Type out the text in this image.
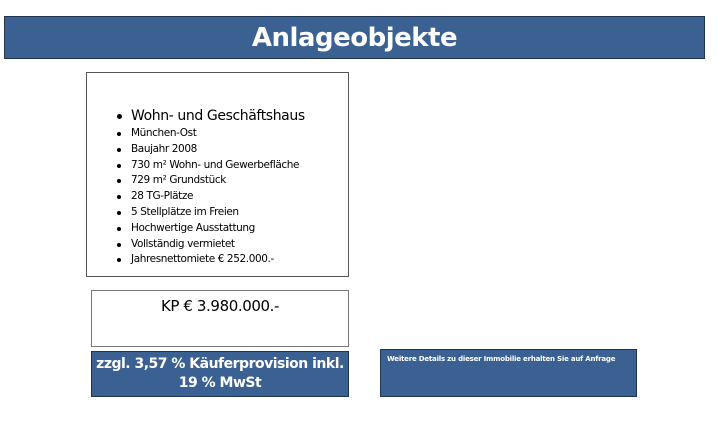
Anlageobjekte
Wohn- und Geschäftshaus
München-Ost
Baujahr 2008
730 m² Wohn- und Gewerbefläche
729 m² Grundstück
28 TG-Plätze
5 Stellplätze im Freien
Hochwertige Ausstattung
Vollständig vermietet
Jahresnettomiete € 252.000.-
KP € 3.980.000.-
zzgl. 3,57 % Käuferprovision inkl. 19 % MwSt
Weitere Details zu dieser Immobilie erhalten Sie auf Anfrage
